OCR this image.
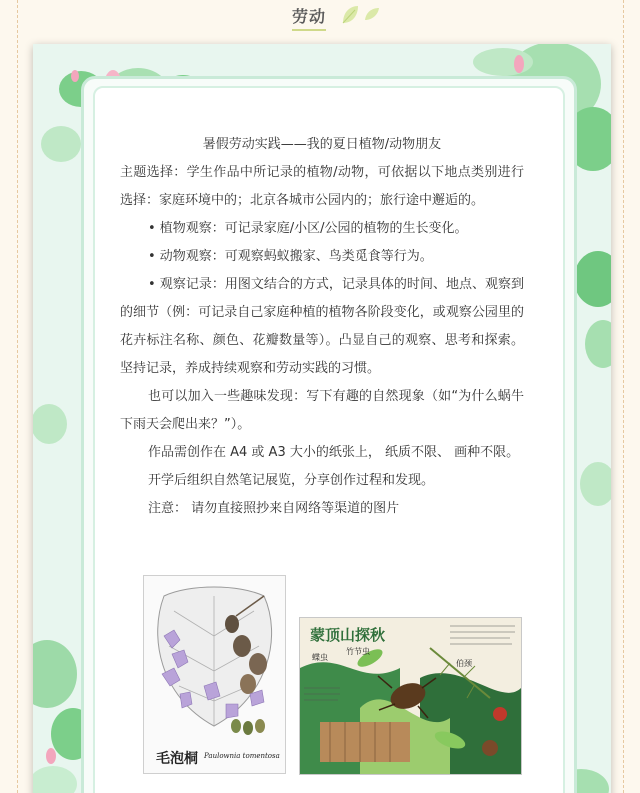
劳动

暑假劳动实践——我的夏日植物/动物朋友

主题选择：学生作品中所记录的植物/动物，可依据以下地点类别进行选择：家庭环境中的；北京各城市公园内的；旅行途中邂逅的。

• 植物观察：可记录家庭/小区/公园的植物的生长变化。

• 动物观察：可观察蚂蚁搬家、鸟类觅食等行为。

• 观察记录：用图文结合的方式，记录具体的时间、地点、观察到的细节（例：可记录自己家庭种植的植物各阶段变化，或观察公园里的花卉标注名称、颜色、花瓣数量等）。凸显自己的观察、思考和探索。坚持记录，养成持续观察和劳动实践的习惯。

也可以加入一些趣味发现：写下有趣的自然现象（如“为什么蜗牛下雨天会爬出来？”）。

作品需创作在 A4 或 A3 大小的纸张上， 纸质不限、 画种不限。

开学后组织自然笔记展览，分享创作过程和发现。

注意： 请勿直接照抄来自网络等渠道的图片

毛泡桐 Paulownia tomentosa
蒙顶山探秋
蝶虫
竹节虫
伯颈
